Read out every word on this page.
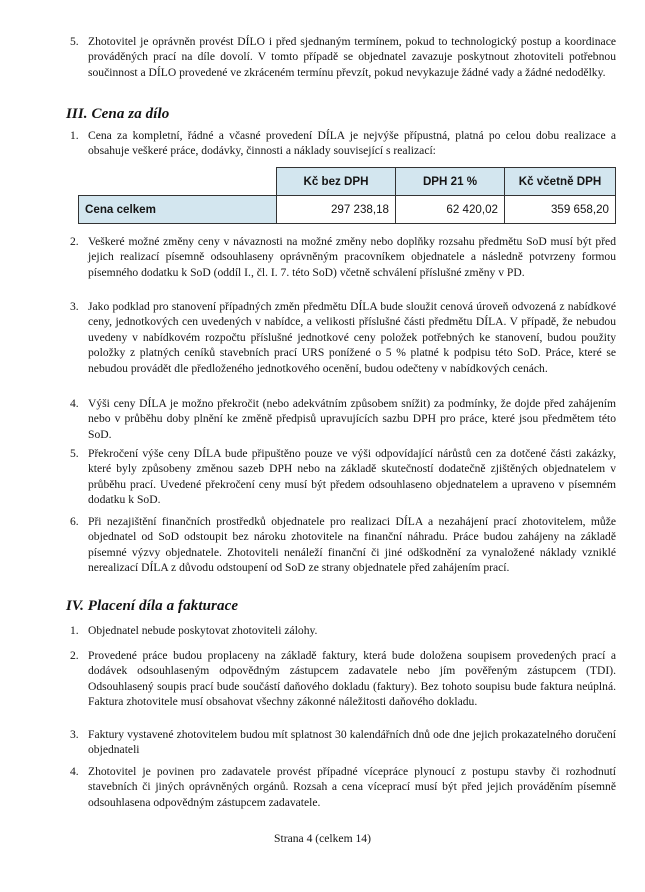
5. Zhotovitel je oprávněn provést DÍLO i před sjednaným termínem, pokud to technologický postup a koordinace prováděných prací na díle dovolí. V tomto případě se objednatel zavazuje poskytnout zhotoviteli potřebnou součinnost a DÍLO provedené ve zkráceném termínu převzít, pokud nevykazuje žádné vady a žádné nedodělky.
III. Cena za dílo
1. Cena za kompletní, řádné a včasné provedení DÍLA je nejvýše přípustná, platná po celou dobu realizace a obsahuje veškeré práce, dodávky, činnosti a náklady související s realizací:
	Kč bez DPH	DPH 21 %	Kč včetně DPH
Cena celkem	297 238,18	62 420,02	359 658,20
2. Veškeré možné změny ceny v návaznosti na možné změny nebo doplňky rozsahu předmětu SoD musí být před jejich realizací písemně odsouhlaseny oprávněným pracovníkem objednatele a následně potvrzeny formou písemného dodatku k SoD (oddíl I., čl. I. 7. této SoD) včetně schválení příslušné změny v PD.
3. Jako podklad pro stanovení případných změn předmětu DÍLA bude sloužit cenová úroveň odvozená z nabídkové ceny, jednotkových cen uvedených v nabídce, a velikosti příslušné části předmětu DÍLA. V případě, že nebudou uvedeny v nabídkovém rozpočtu příslušné jednotkové ceny položek potřebných ke stanovení, budou použity položky z platných ceníků stavebních prací URS ponížené o 5 % platné k podpisu této SoD. Práce, které se nebudou provádět dle předloženého jednotkového ocenění, budou odečteny v nabídkových cenách.
4. Výši ceny DÍLA je možno překročit (nebo adekvátním způsobem snížit) za podmínky, že dojde před zahájením nebo v průběhu doby plnění ke změně předpisů upravujících sazbu DPH pro práce, které jsou předmětem této SoD.
5. Překročení výše ceny DÍLA bude připuštěno pouze ve výši odpovídající nárůstů cen za dotčené části zakázky, které byly způsobeny změnou sazeb DPH nebo na základě skutečností dodatečně zjištěných objednatelem v průběhu prací. Uvedené překročení ceny musí být předem odsouhlaseno objednatelem a upraveno v písemném dodatku k SoD.
6. Při nezajištění finančních prostředků objednatele pro realizaci DÍLA a nezahájení prací zhotovitelem, může objednatel od SoD odstoupit bez nároku zhotovitele na finanční náhradu. Práce budou zahájeny na základě písemné výzvy objednatele. Zhotoviteli nenáleží finanční či jiné odškodnění za vynaložené náklady vzniklé nerealizací DÍLA z důvodu odstoupení od SoD ze strany objednatele před zahájením prací.
IV. Placení díla a fakturace
1. Objednatel nebude poskytovat zhotoviteli zálohy.
2. Provedené práce budou proplaceny na základě faktury, která bude doložena soupisem provedených prací a dodávek odsouhlaseným odpovědným zástupcem zadavatele nebo jím pověřeným zástupcem (TDI). Odsouhlasený soupis prací bude součástí daňového dokladu (faktury). Bez tohoto soupisu bude faktura neúplná. Faktura zhotovitele musí obsahovat všechny zákonné náležitosti daňového dokladu.
3. Faktury vystavené zhotovitelem budou mít splatnost 30 kalendářních dnů ode dne jejich prokazatelného doručení objednateli
4. Zhotovitel je povinen pro zadavatele provést případné vícepráce plynoucí z postupu stavby či rozhodnutí stavebních či jiných oprávněných orgánů. Rozsah a cena víceprací musí být před jejich prováděním písemně odsouhlasena odpovědným zástupcem zadavatele.
Strana 4 (celkem 14)
